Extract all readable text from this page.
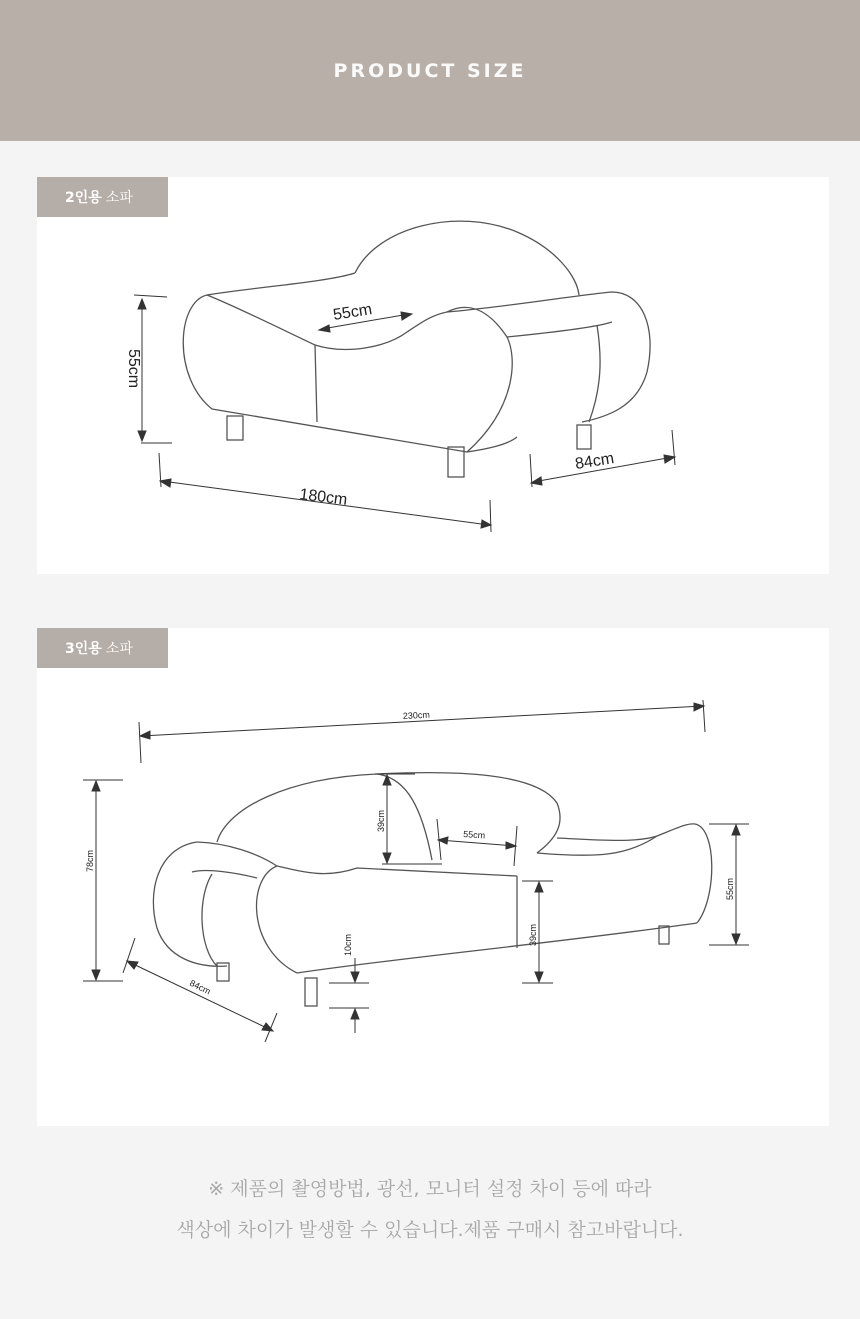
PRODUCT SIZE
55cm
55cm
180cm
84cm
2인용 소파
230cm
78cm
39cm
55cm
39cm
55cm
10cm
84cm
3인용 소파
※ 제품의 촬영방법, 광선, 모니터 설정 차이 등에 따라
색상에 차이가 발생할 수 있습니다.제품 구매시 참고바랍니다.
